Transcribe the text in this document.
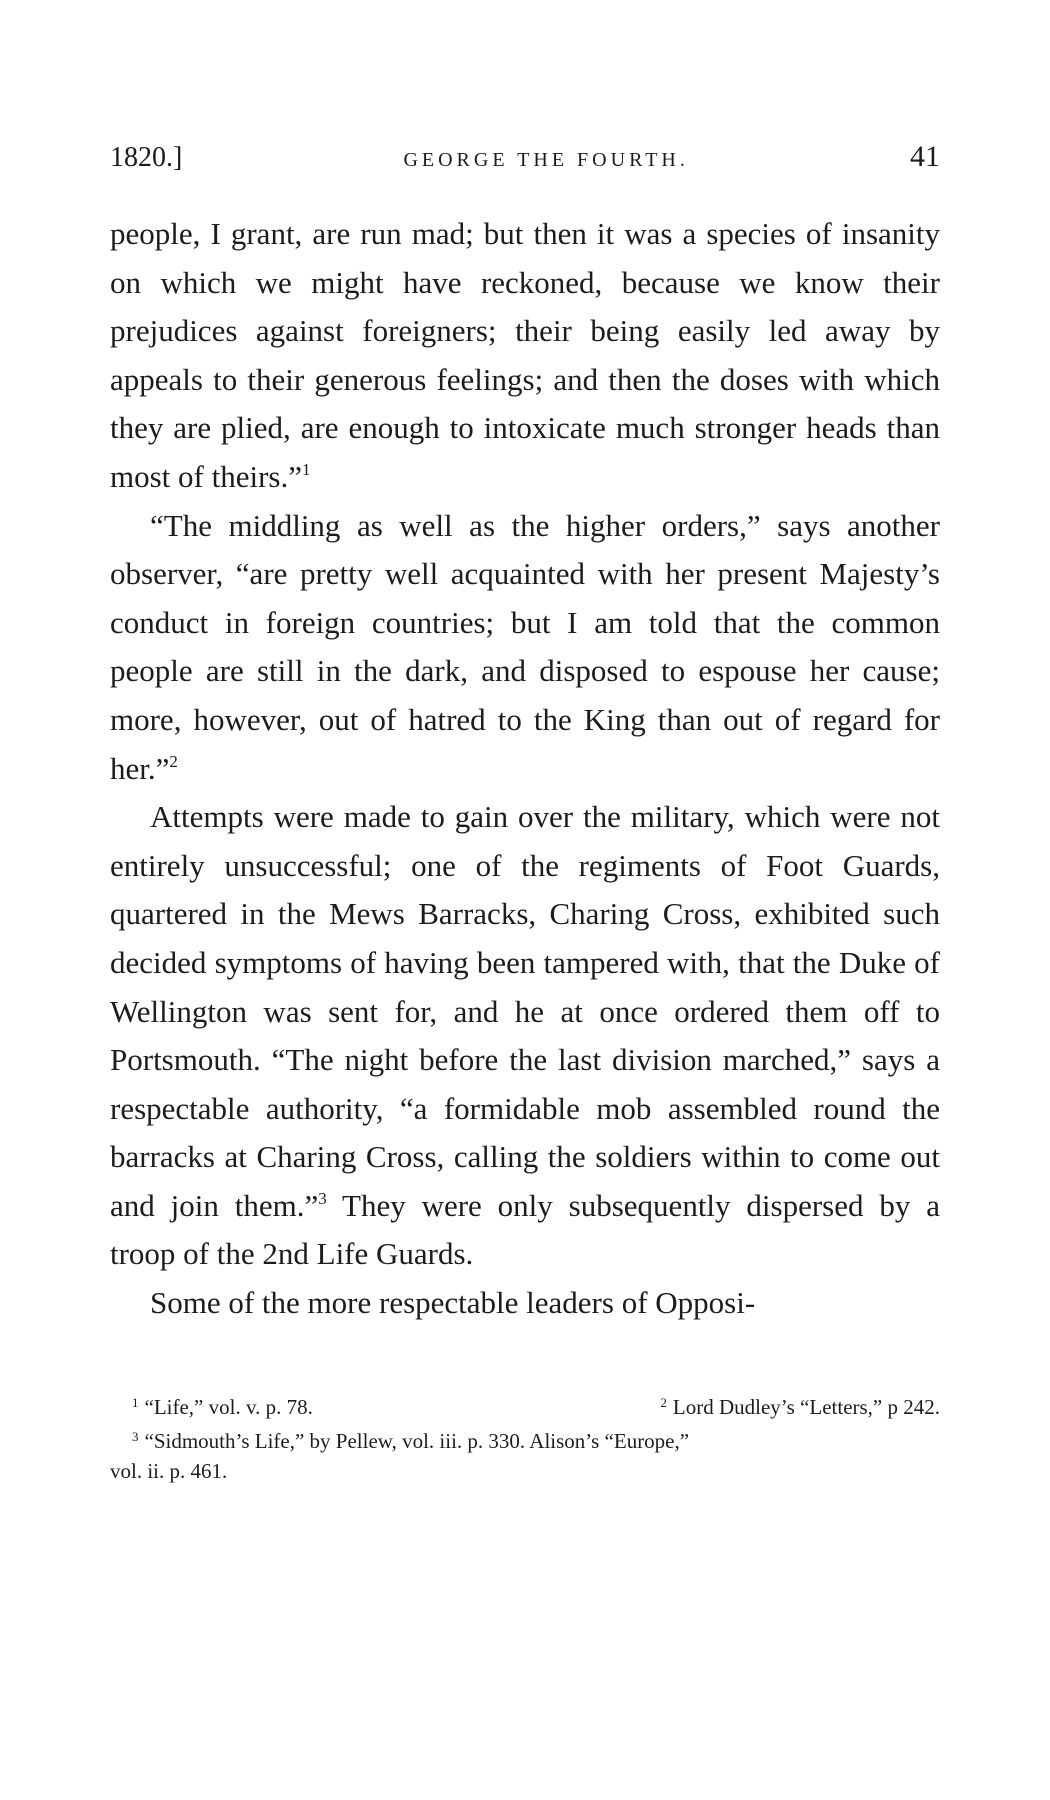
1820.]	GEORGE THE FOURTH.	41

people, I grant, are run mad; but then it was a species of insanity on which we might have reckoned, because we know their prejudices against foreigners; their being easily led away by appeals to their generous feelings; and then the doses with which they are plied, are enough to intoxicate much stronger heads than most of theirs.”$^1$

“The middling as well as the higher orders,” says another observer, “are pretty well acquainted with her present Majesty’s conduct in foreign countries; but I am told that the common people are still in the dark, and disposed to espouse her cause; more, however, out of hatred to the King than out of regard for her.”$^2$

Attempts were made to gain over the military, which were not entirely unsuccessful; one of the regiments of Foot Guards, quartered in the Mews Barracks, Charing Cross, exhibited such decided symptoms of having been tampered with, that the Duke of Wellington was sent for, and he at once ordered them off to Portsmouth. “The night before the last division marched,” says a respectable authority, “a formidable mob assembled round the barracks at Charing Cross, calling the soldiers within to come out and join them.”$^3$ They were only subsequently dispersed by a troop of the 2nd Life Guards.

Some of the more respectable leaders of Opposi-

$^1$ “Life,” vol. v. p. 78.	$^2$ Lord Dudley’s “Letters,” p 242.
$^3$ “Sidmouth’s Life,” by Pellew, vol. iii. p. 330. Alison’s “Europe,”
vol. ii. p. 461.
